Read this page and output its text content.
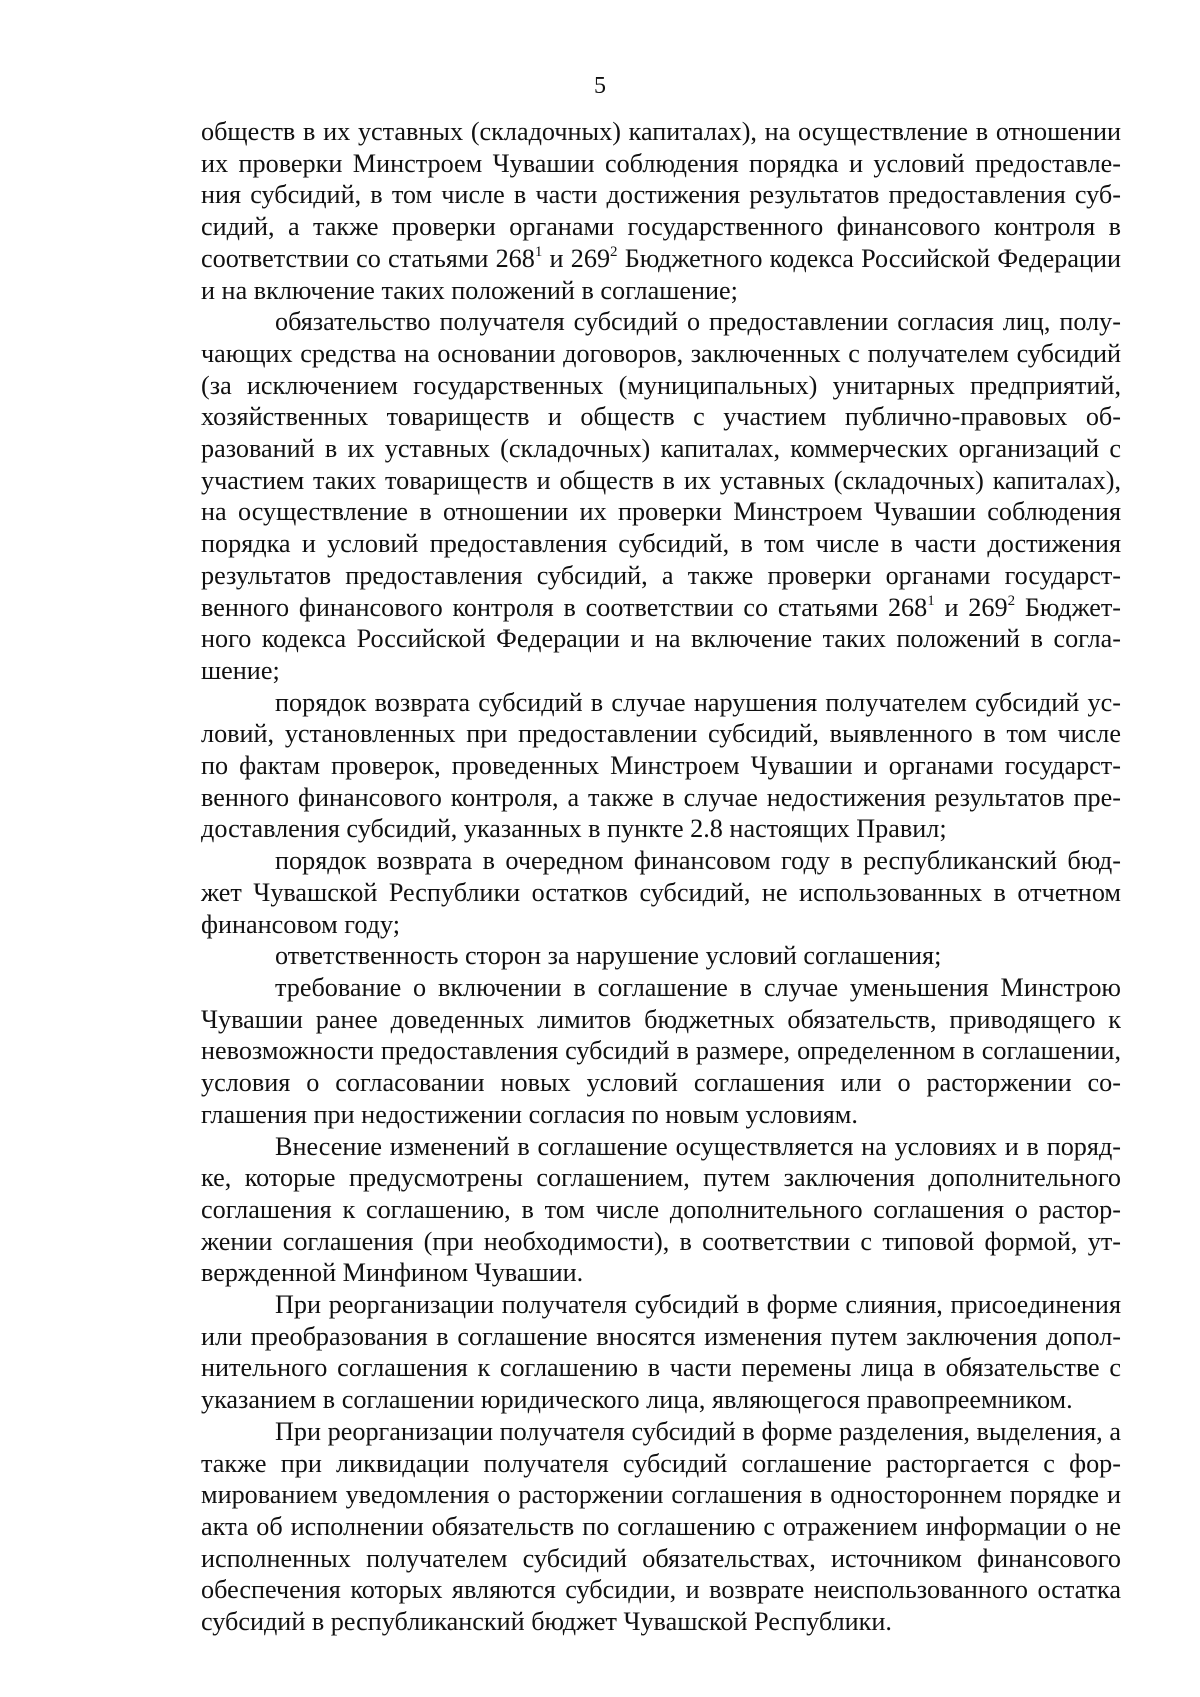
5

обществ в их уставных (складочных) капиталах), на осуществление в отношении их проверки Минстроем Чувашии соблюдения порядка и условий предоставления субсидий, в том числе в части достижения результатов предоставления субсидий, а также проверки органами государственного финансового контроля в соответствии со статьями $268^1$ и $269^2$ Бюджетного кодекса Российской Федерации и на включение таких положений в соглашение;

обязательство получателя субсидий о предоставлении согласия лиц, получающих средства на основании договоров, заключенных с получателем субсидий (за исключением государственных (муниципальных) унитарных предприятий, хозяйственных товариществ и обществ с участием публично-правовых образований в их уставных (складочных) капиталах, коммерческих организаций с участием таких товариществ и обществ в их уставных (складочных) капиталах), на осуществление в отношении их проверки Минстроем Чувашии соблюдения порядка и условий предоставления субсидий, в том числе в части достижения результатов предоставления субсидий, а также проверки органами государственного финансового контроля в соответствии со статьями $268^1$ и $269^2$ Бюджетного кодекса Российской Федерации и на включение таких положений в соглашение;

порядок возврата субсидий в случае нарушения получателем субсидий условий, установленных при предоставлении субсидий, выявленного в том числе по фактам проверок, проведенных Минстроем Чувашии и органами государственного финансового контроля, а также в случае недостижения результатов предоставления субсидий, указанных в пункте 2.8 настоящих Правил;

порядок возврата в очередном финансовом году в республиканский бюджет Чувашской Республики остатков субсидий, не использованных в отчетном финансовом году;

ответственность сторон за нарушение условий соглашения;

требование о включении в соглашение в случае уменьшения Минстрою Чувашии ранее доведенных лимитов бюджетных обязательств, приводящего к невозможности предоставления субсидий в размере, определенном в соглашении, условия о согласовании новых условий соглашения или о расторжении соглашения при недостижении согласия по новым условиям.

Внесение изменений в соглашение осуществляется на условиях и в порядке, которые предусмотрены соглашением, путем заключения дополнительного соглашения к соглашению, в том числе дополнительного соглашения о расторжении соглашения (при необходимости), в соответствии с типовой формой, утвержденной Минфином Чувашии.

При реорганизации получателя субсидий в форме слияния, присоединения или преобразования в соглашение вносятся изменения путем заключения дополнительного соглашения к соглашению в части перемены лица в обязательстве с указанием в соглашении юридического лица, являющегося правопреемником.

При реорганизации получателя субсидий в форме разделения, выделения, а также при ликвидации получателя субсидий соглашение расторгается с формированием уведомления о расторжении соглашения в одностороннем порядке и акта об исполнении обязательств по соглашению с отражением информации о не исполненных получателем субсидий обязательствах, источником финансового обеспечения которых являются субсидии, и возврате неиспользованного остатка субсидий в республиканский бюджет Чувашской Республики.
